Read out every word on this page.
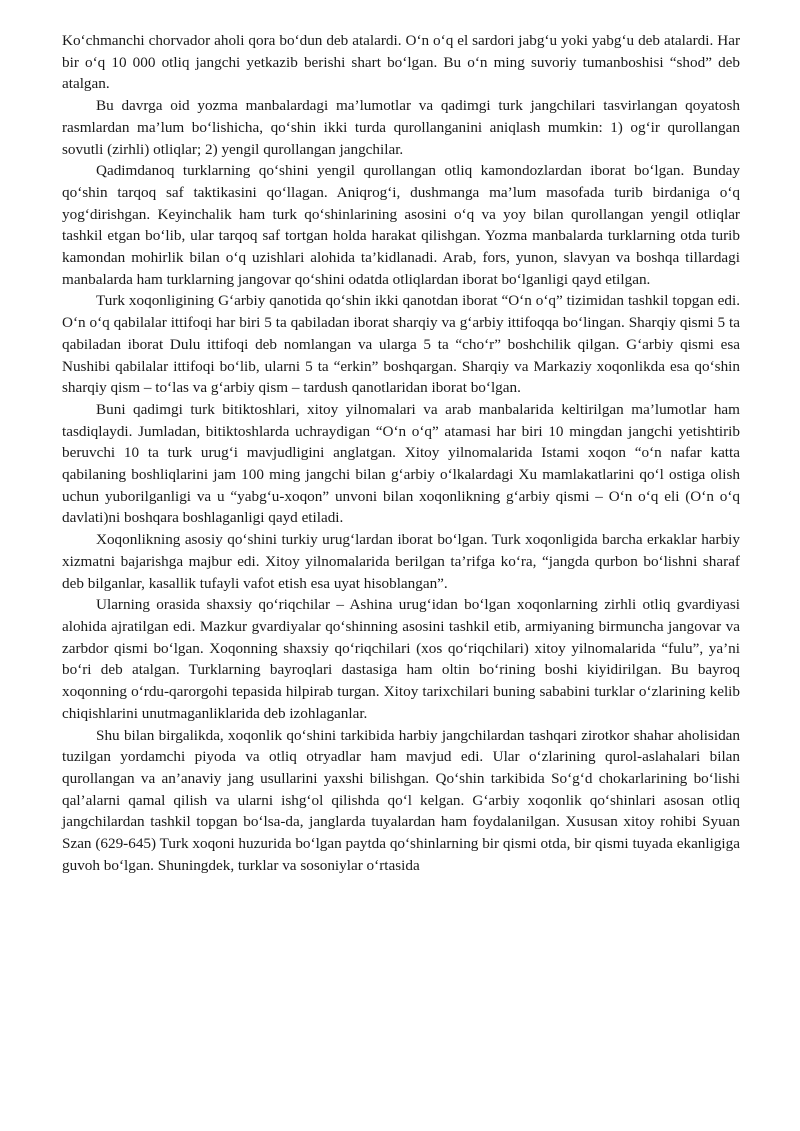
Ko‘chmanchi chorvador aholi qora bo‘dun deb atalardi. O‘n o‘q el sardori jabg‘u yoki yabg‘u deb atalardi. Har bir o‘q 10 000 otliq jangchi yetkazib berishi shart bo‘lgan. Bu o‘n ming suvoriy tumanboshisi “shod” deb atalgan.

Bu davrga oid yozma manbalardagi ma’lumotlar va qadimgi turk jangchilari tasvirlangan qoyatosh rasmlardan ma’lum bo‘lishicha, qo‘shin ikki turda qurollanganini aniqlash mumkin: 1) og‘ir qurollangan sovutli (zirhli) otliqlar; 2) yengil qurollangan jangchilar.

Qadimdanoq turklarning qo‘shini yengil qurollangan otliq kamondozlardan iborat bo‘lgan. Bunday qo‘shin tarqoq saf taktikasini qo‘llagan. Aniqrog‘i, dushmanga ma’lum masofada turib birdaniga o‘q yog‘dirishgan. Keyinchalik ham turk qo‘shinlarining asosini o‘q va yoy bilan qurollangan yengil otliqlar tashkil etgan bo‘lib, ular tarqoq saf tortgan holda harakat qilishgan. Yozma manbalarda turklarning otda turib kamondan mohirlik bilan o‘q uzishlari alohida ta’kidlanadi. Arab, fors, yunon, slavyan va boshqa tillardagi manbalarda ham turklarning jangovar qo‘shini odatda otliqlardan iborat bo‘lganligi qayd etilgan.

Turk xoqonligining G‘arbiy qanotida qo‘shin ikki qanotdan iborat “O‘n o‘q” tizimidan tashkil topgan edi. O‘n o‘q qabilalar ittifoqi har biri 5 ta qabiladan iborat sharqiy va g‘arbiy ittifoqqa bo‘lingan. Sharqiy qismi 5 ta qabiladan iborat Dulu ittifoqi deb nomlangan va ularga 5 ta “cho‘r” boshchilik qilgan. G‘arbiy qismi esa Nushibi qabilalar ittifoqi bo‘lib, ularni 5 ta “erkin” boshqargan. Sharqiy va Markaziy xoqonlikda esa qo‘shin sharqiy qism – to‘las va g‘arbiy qism – tardush qanotlaridan iborat bo‘lgan.

Buni qadimgi turk bitiktoshlari, xitoy yilnomalari va arab manbalarida keltirilgan ma’lumotlar ham tasdiqlaydi. Jumladan, bitiktoshlarda uchraydigan “O‘n o‘q” atamasi har biri 10 mingdan jangchi yetishtirib beruvchi 10 ta turk urug‘i mavjudligini anglatgan. Xitoy yilnomalarida Istami xoqon “o‘n nafar katta qabilaning boshliqlarini jam 100 ming jangchi bilan g‘arbiy o‘lkalardagi Xu mamlakatlarini qo‘l ostiga olish uchun yuborilganligi va u “yabg‘u-xoqon” unvoni bilan xoqonlikning g‘arbiy qismi – O‘n o‘q eli (O‘n o‘q davlati)ni boshqara boshlaganligi qayd etiladi.

Xoqonlikning asosiy qo‘shini turkiy urug‘lardan iborat bo‘lgan. Turk xoqonligida barcha erkaklar harbiy xizmatni bajarishga majbur edi. Xitoy yilnomalarida berilgan ta’rifga ko‘ra, “jangda qurbon bo‘lishni sharaf deb bilganlar, kasallik tufayli vafot etish esa uyat hisoblangan”.

Ularning orasida shaxsiy qo‘riqchilar – Ashina urug‘idan bo‘lgan xoqonlarning zirhli otliq gvardiyasi alohida ajratilgan edi. Mazkur gvardiyalar qo‘shinning asosini tashkil etib, armiyaning birmuncha jangovar va zarbdor qismi bo‘lgan. Xoqonning shaxsiy qo‘riqchilari (xos qo‘riqchilari) xitoy yilnomalarida “fulu”, ya’ni bo‘ri deb atalgan. Turklarning bayroqlari dastasiga ham oltin bo‘rining boshi kiyidirilgan. Bu bayroq xoqonning o‘rdu-qarorgohi tepasida hilpirab turgan. Xitoy tarixchilari buning sababini turklar o‘zlarining kelib chiqishlarini unutmaganliklarida deb izohlaganlar.

Shu bilan birgalikda, xoqonlik qo‘shini tarkibida harbiy jangchilardan tashqari zirotkor shahar aholisidan tuzilgan yordamchi piyoda va otliq otryadlar ham mavjud edi. Ular o‘zlarining qurol-aslahalari bilan qurollangan va an’anaviy jang usullarini yaxshi bilishgan. Qo‘shin tarkibida So‘g‘d chokarlarining bo‘lishi qal’alarni qamal qilish va ularni ishg‘ol qilishda qo‘l kelgan. G‘arbiy xoqonlik qo‘shinlari asosan otliq jangchilardan tashkil topgan bo‘lsa-da, janglarda tuyalardan ham foydalanilgan. Xususan xitoy rohibi Syuan Szan (629-645) Turk xoqoni huzurida bo‘lgan paytda qo‘shinlarning bir qismi otda, bir qismi tuyada ekanligiga guvoh bo‘lgan. Shuningdek, turklar va sosoniylar o‘rtasida
